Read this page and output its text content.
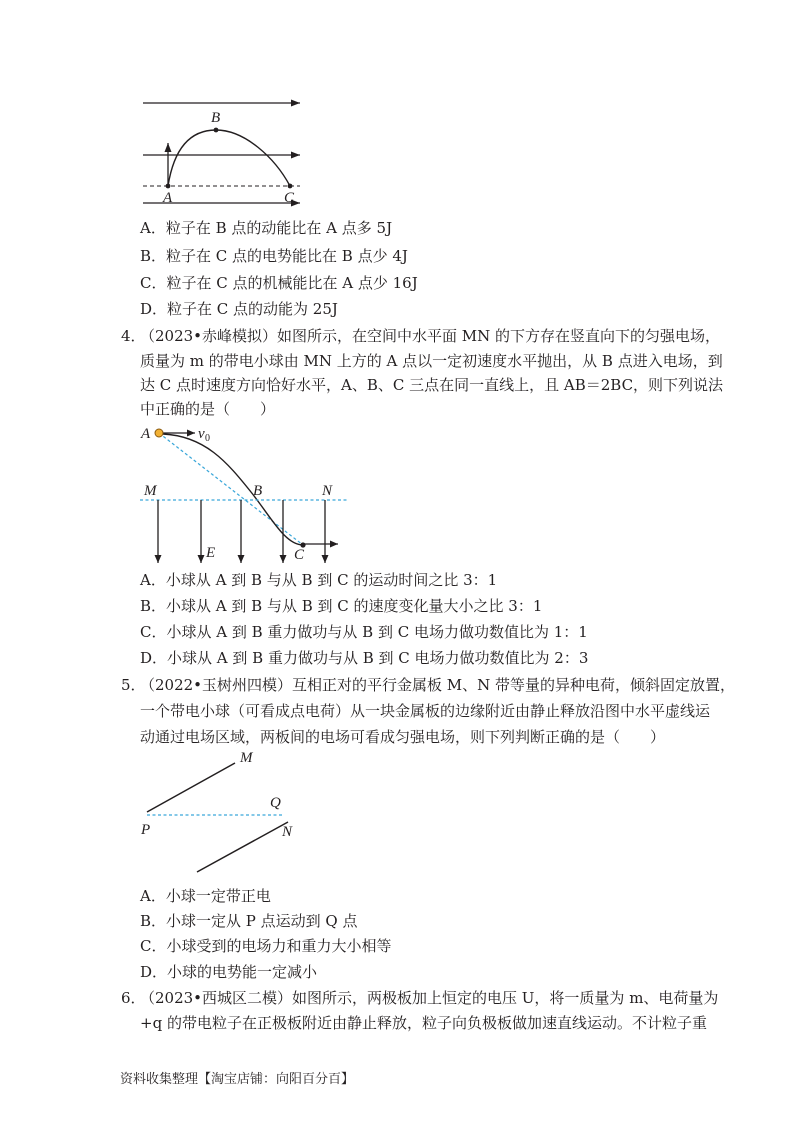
B
A	C
A．粒子在 B 点的动能比在 A 点多 5J
B．粒子在 C 点的电势能比在 B 点少 4J
C．粒子在 C 点的机械能比在 A 点少 16J
D．粒子在 C 点的动能为 25J
4．（2023•赤峰模拟）如图所示，在空间中水平面 MN 的下方存在竖直向下的匀强电场，
质量为 m 的带电小球由 MN 上方的 A 点以一定初速度水平抛出，从 B 点进入电场，到
达 C 点时速度方向恰好水平，A、B、C 三点在同一直线上，且 AB＝2BC，则下列说法
中正确的是（　　）
A	v 0
M	B	N
E	C
A．小球从 A 到 B 与从 B 到 C 的运动时间之比 3：1
B．小球从 A 到 B 与从 B 到 C 的速度变化量大小之比 3：1
C．小球从 A 到 B 重力做功与从 B 到 C 电场力做功数值比为 1：1
D．小球从 A 到 B 重力做功与从 B 到 C 电场力做功数值比为 2：3
5．（2022•玉树州四模）互相正对的平行金属板 M、N 带等量的异种电荷，倾斜固定放置，
一个带电小球（可看成点电荷）从一块金属板的边缘附近由静止释放沿图中水平虚线运
动通过电场区域，两板间的电场可看成匀强电场，则下列判断正确的是（　　）
M
Q
P	N
A．小球一定带正电
B．小球一定从 P 点运动到 Q 点
C．小球受到的电场力和重力大小相等
D．小球的电势能一定减小
6．（2023•西城区二模）如图所示，两极板加上恒定的电压 U，将一质量为 m、电荷量为
+q 的带电粒子在正极板附近由静止释放，粒子向负极板做加速直线运动。不计粒子重
资料收集整理【淘宝店铺：向阳百分百】
